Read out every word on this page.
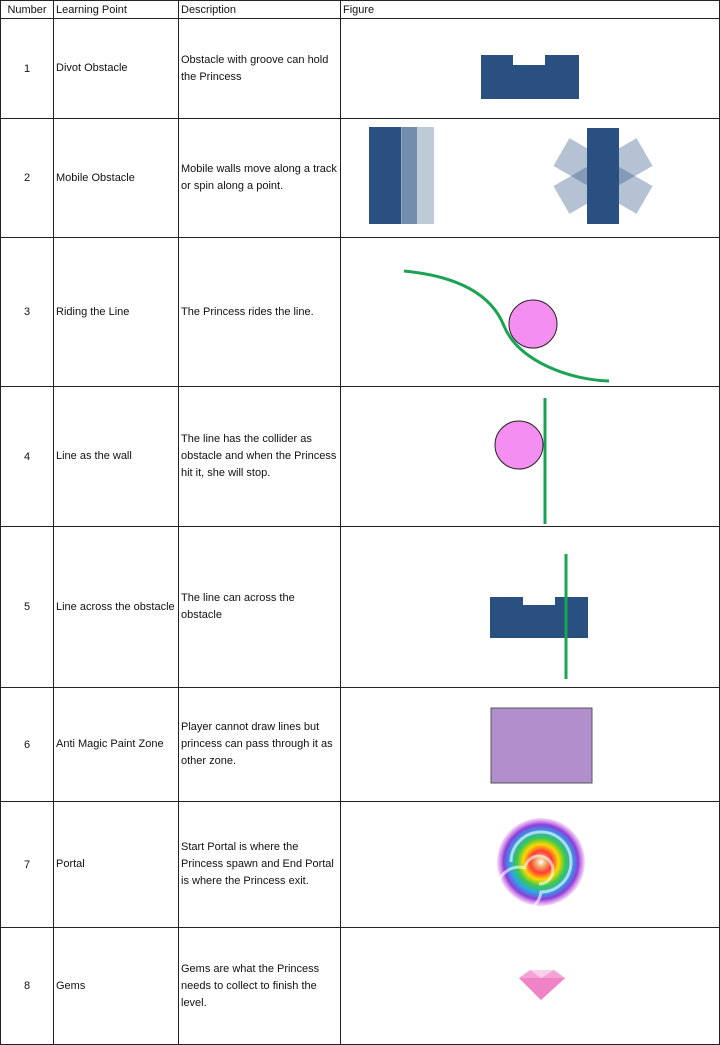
Number	Learning Point	Description	Figure
1	Divot Obstacle	Obstacle with groove can hold the Princess	

2	Mobile Obstacle	Mobile walls move along a track or spin along a point.	

3	Riding the Line	The Princess rides the line.	

4	Line as the wall	The line has the collider as obstacle and when the Princess hit it, she will stop.	

5	Line across the obstacle	The line can across the obstacle	

6	Anti Magic Paint Zone	Player cannot draw lines but princess can pass through it as other zone.	

7	Portal	Start Portal is where the Princess spawn and End Portal is where the Princess exit.	

8	Gems	Gems are what the Princess needs to collect to finish the level.	
